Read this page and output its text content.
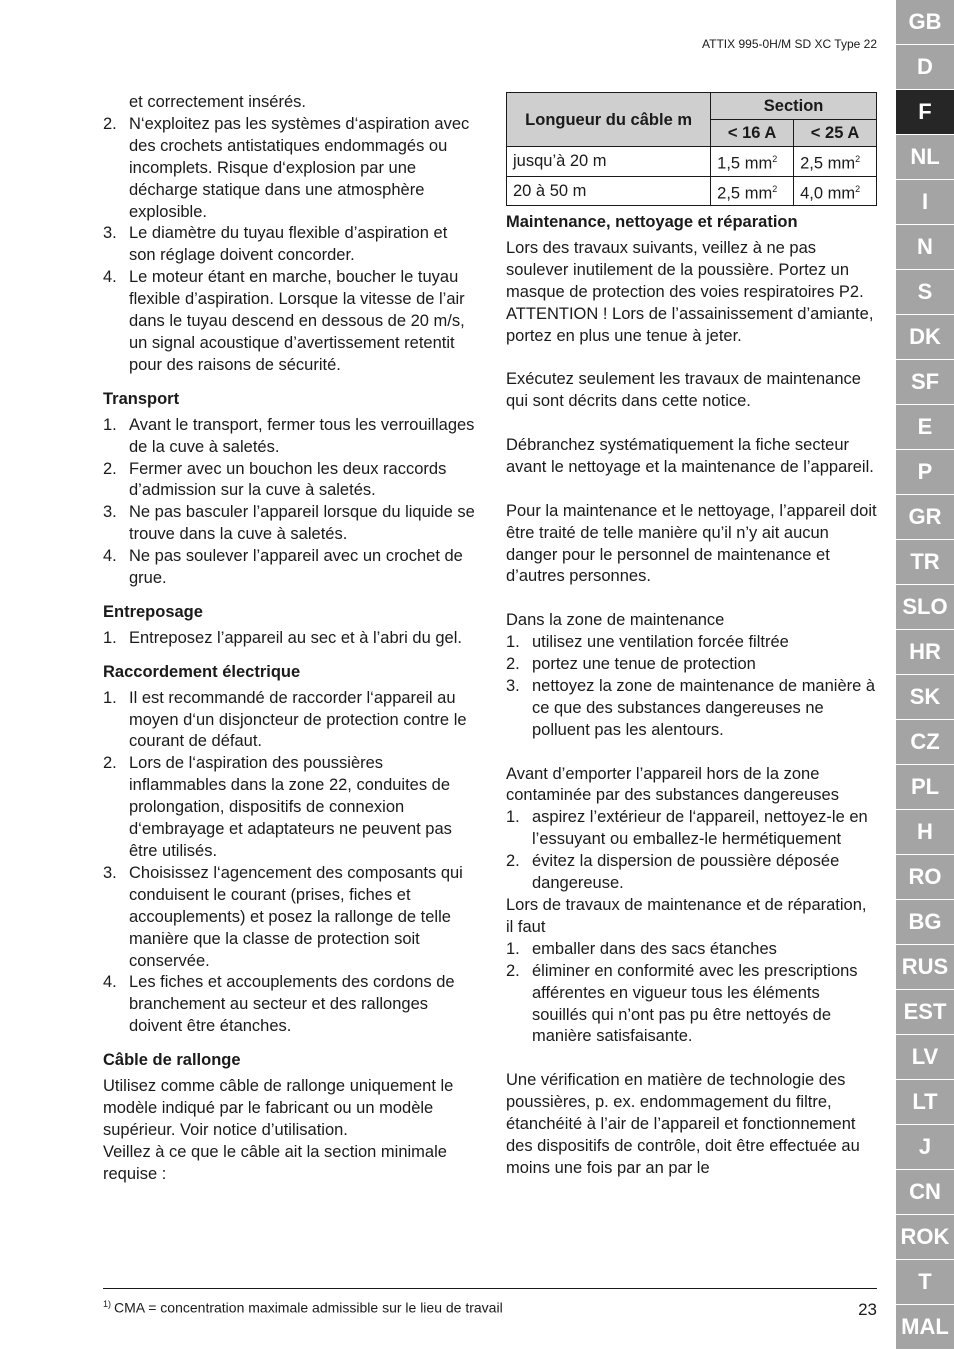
ATTIX 995-0H/M SD XC Type 22
GB
D
F
NL
I
N
S
DK
SF
E
P
GR
TR
SLO
HR
SK
CZ
PL
H
RO
BG
RUS
EST
LV
LT
J
CN
ROK
T
MAL

et correctement insérés.

2. N‘exploitez pas les systèmes d‘aspiration avec des crochets antistatiques endommagés ou incomplets. Risque d‘explosion par une décharge statique dans une atmosphère explosible.
3. Le diamètre du tuyau flexible d’aspiration et son réglage doivent concorder.
4. Le moteur étant en marche, boucher le tuyau flexible d’aspiration. Lorsque la vitesse de l’air dans le tuyau descend en dessous de 20 m/s, un signal acoustique d’avertissement retentit pour des raisons de sécurité.
Transport
1. Avant le transport, fermer tous les verrouillages de la cuve à saletés.
2. Fermer avec un bouchon les deux raccords d’admission sur la cuve à saletés.
3. Ne pas basculer l’appareil lorsque du liquide se trouve dans la cuve à saletés.
4. Ne pas soulever l’appareil avec un crochet de grue.
Entreposage
1. Entreposez l’appareil au sec et à l’abri du gel.
Raccordement électrique
1. Il est recommandé de raccorder l‘appareil au moyen d‘un disjoncteur de protection contre le courant de défaut.
2. Lors de l‘aspiration des poussières inflammables dans la zone 22, conduites de prolongation, dispositifs de connexion d‘embrayage et adaptateurs ne peuvent pas être utilisés.
3. Choisissez l‘agencement des composants qui conduisent le courant (prises, fiches et accouplements) et posez la rallonge de telle manière que la classe de protection soit conservée.
4. Les fiches et accouplements des cordons de branchement au secteur et des rallonges doivent être étanches.
Câble de rallonge

Utilisez comme câble de rallonge uniquement le modèle indiqué par le fabricant ou un modèle supérieur. Voir notice d’utilisation.

Veillez à ce que le câble ait la section minimale requise :

Longueur du câble m	Section	
	< 16 A	< 25 A
jusqu’à 20 m	1,5 $mm^2$	2,5 $mm^2$
20 à 50 m	2,5 $mm^2$	4,0 $mm^2$
Maintenance, nettoyage et réparation

Lors des travaux suivants, veillez à ne pas soulever inutilement de la poussière. Portez un masque de protection des voies respiratoires P2.

ATTENTION ! Lors de l’assainissement d’amiante, portez en plus une tenue à jeter.

Exécutez seulement les travaux de maintenance qui sont décrits dans cette notice.

Débranchez systématiquement la fiche secteur avant le nettoyage et la maintenance de l’appareil.

Pour la maintenance et le nettoyage, l’appareil doit être traité de telle manière qu’il n’y ait aucun danger pour le personnel de maintenance et d’autres personnes.

Dans la zone de maintenance

1. utilisez une ventilation forcée filtrée
2. portez une tenue de protection
3. nettoyez la zone de maintenance de manière à ce que des substances dangereuses ne polluent pas les alentours.

Avant d’emporter l’appareil hors de la zone contaminée par des substances dangereuses

1. aspirez l’extérieur de l‘appareil, nettoyez-le en l’essuyant ou emballez-le hermétiquement
2. évitez la dispersion de poussière déposée dangereuse.

Lors de travaux de maintenance et de réparation, il faut

1. emballer dans des sacs étanches
2. éliminer en conformité avec les prescriptions afférentes en vigueur tous les éléments souillés qui n’ont pas pu être nettoyés de manière satisfaisante.

Une vérification en matière de technologie des poussières, p. ex. endommagement du filtre, étanchéité à l’air de l’appareil et fonctionnement des dispositifs de contrôle, doit être effectuée au moins une fois par an par le

$^{1)}$ CMA = concentration maximale admissible sur le lieu de travail	23
